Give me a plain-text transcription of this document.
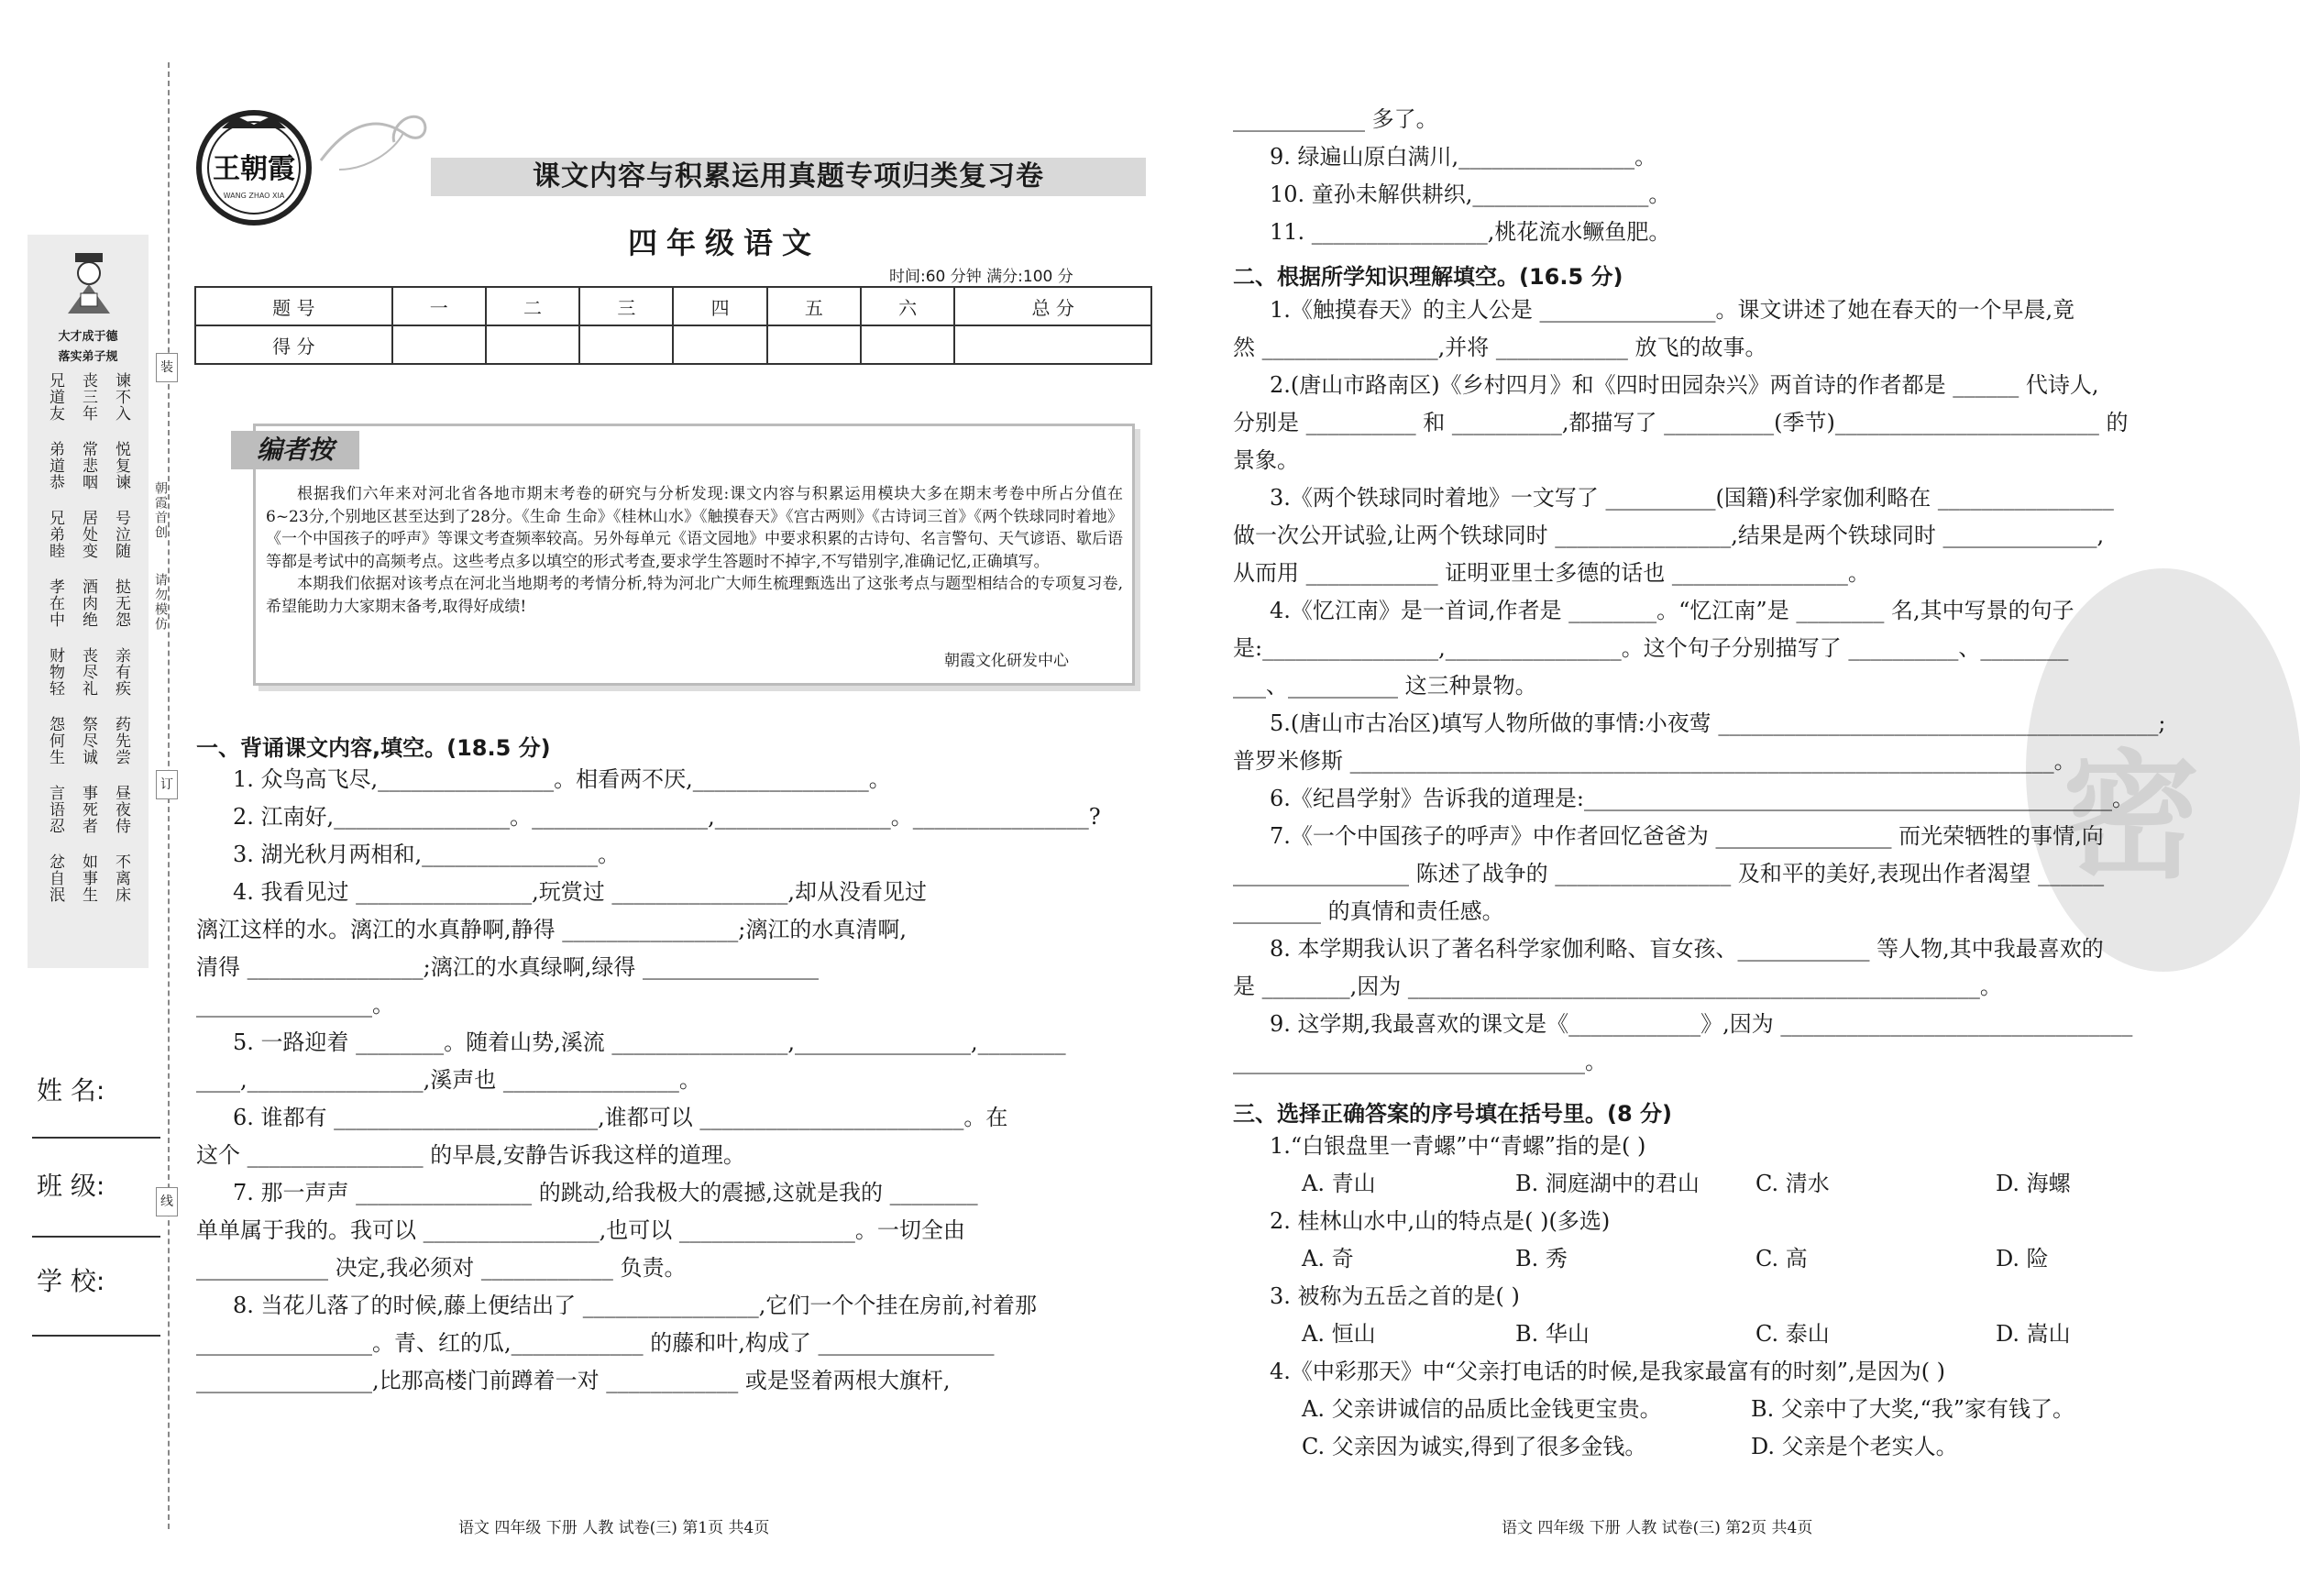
大才成于德
落实弟子规
兄道友 丧三年 谏不入
弟道恭 常悲咽 悦复谏
兄弟睦 居处变 号泣随
孝在中 酒肉绝 挞无怨
财物轻 丧尽礼 亲有疾
怨何生 祭尽诚 药先尝
言语忍 事死者 昼夜侍
忿自泯 如事生 不离床
装
订
线
朝霞首创
请勿模仿
姓 名:
班 级:
学 校:
王朝霞
WANG ZHAO XIA
课文内容与积累运用真题专项归类复习卷
四年级语文
时间:60 分钟 满分:100 分
题 号	一	二	三	四	五	六	总 分
得 分							
编者按
根据我们六年来对河北省各地市期末考卷的研究与分析发现:课文内容与积累运用模块大多在期末考卷中所占分值在6~23分,个别地区甚至达到了28分。《生命 生命》《桂林山水》《触摸春天》《宫古两则》《古诗词三首》《两个铁球同时着地》《一个中国孩子的呼声》等课文考查频率较高。另外每单元《语文园地》中要求积累的古诗句、名言警句、天气谚语、歇后语等都是考试中的高频考点。这些考点多以填空的形式考查,要求学生答题时不掉字,不写错别字,准确记忆,正确填写。
本期我们依据对该考点在河北当地期考的考情分析,特为河北广大师生梳理甄选出了这张考点与题型相结合的专项复习卷,希望能助力大家期末备考,取得好成绩!
朝霞文化研发中心
一、背诵课文内容,填空。(18.5 分)
1. 众鸟高飞尽,________________。相看两不厌,________________。
2. 江南好,________________。________________,________________。________________?
3. 湖光秋月两相和,________________。
4. 我看见过 ________________,玩赏过 ________________,却从没看见过
漓江这样的水。漓江的水真静啊,静得 ________________;漓江的水真清啊,
清得 ________________;漓江的水真绿啊,绿得 ________________
________________。
5. 一路迎着 ________。随着山势,溪流 ________________,________________,________
____,________________,溪声也 ________________。
6. 谁都有 ________________________,谁都可以 ________________________。在
这个 ________________ 的早晨,安静告诉我这样的道理。
7. 那一声声 ________________ 的跳动,给我极大的震撼,这就是我的 ________
单单属于我的。我可以 ________________,也可以 ________________。一切全由
____________ 决定,我必须对 ____________ 负责。
8. 当花儿落了的时候,藤上便结出了 ________________,它们一个个挂在房前,衬着那
________________。青、红的瓜,____________ 的藤和叶,构成了 ________________
________________,比那高楼门前蹲着一对 ____________ 或是竖着两根大旗杆,
语文 四年级 下册 人教 试卷(三) 第1页 共4页
密
____________ 多了。
9. 绿遍山原白满川,________________。
10. 童孙未解供耕织,________________。
11. ________________,桃花流水鳜鱼肥。
二、根据所学知识理解填空。(16.5 分)
1.《触摸春天》的主人公是 ________________。课文讲述了她在春天的一个早晨,竟
然 ________________,并将 ____________ 放飞的故事。
2.(唐山市路南区)《乡村四月》和《四时田园杂兴》两首诗的作者都是 ______ 代诗人,
分别是 __________ 和 __________,都描写了 __________(季节)________________________ 的
景象。
3.《两个铁球同时着地》一文写了 __________(国籍)科学家伽利略在 ________________
做一次公开试验,让两个铁球同时 ________________,结果是两个铁球同时 ______________,
从而用 ____________ 证明亚里士多德的话也 ________________。
4.《忆江南》是一首词,作者是 ________。“忆江南”是 ________ 名,其中写景的句子
是:________________,________________。这个句子分别描写了 __________、________
___、__________ 这三种景物。
5.(唐山市古冶区)填写人物所做的事情:小夜莺 ________________________________________;
普罗米修斯 ________________________________________________________________。
6.《纪昌学射》告诉我的道理是:________________________________________________。
7.《一个中国孩子的呼声》中作者回忆爸爸为 ________________ 而光荣牺牲的事情,向
________________ 陈述了战争的 ________________ 及和平的美好,表现出作者渴望 ______
________ 的真情和责任感。
8. 本学期我认识了著名科学家伽利略、盲女孩、____________ 等人物,其中我最喜欢的
是 ________,因为 ____________________________________________________。
9. 这学期,我最喜欢的课文是《____________》,因为 ________________________________
________________________________。
三、选择正确答案的序号填在括号里。(8 分)
1.“白银盘里一青螺”中“青螺”指的是( )
A. 青山	B. 洞庭湖中的君山	C. 清水	D. 海螺
2. 桂林山水中,山的特点是( )(多选)
A. 奇	B. 秀	C. 高	D. 险
3. 被称为五岳之首的是( )
A. 恒山	B. 华山	C. 泰山	D. 嵩山
4.《中彩那天》中“父亲打电话的时候,是我家最富有的时刻”,是因为( )
A. 父亲讲诚信的品质比金钱更宝贵。	B. 父亲中了大奖,“我”家有钱了。
C. 父亲因为诚实,得到了很多金钱。	D. 父亲是个老实人。
语文 四年级 下册 人教 试卷(三) 第2页 共4页
